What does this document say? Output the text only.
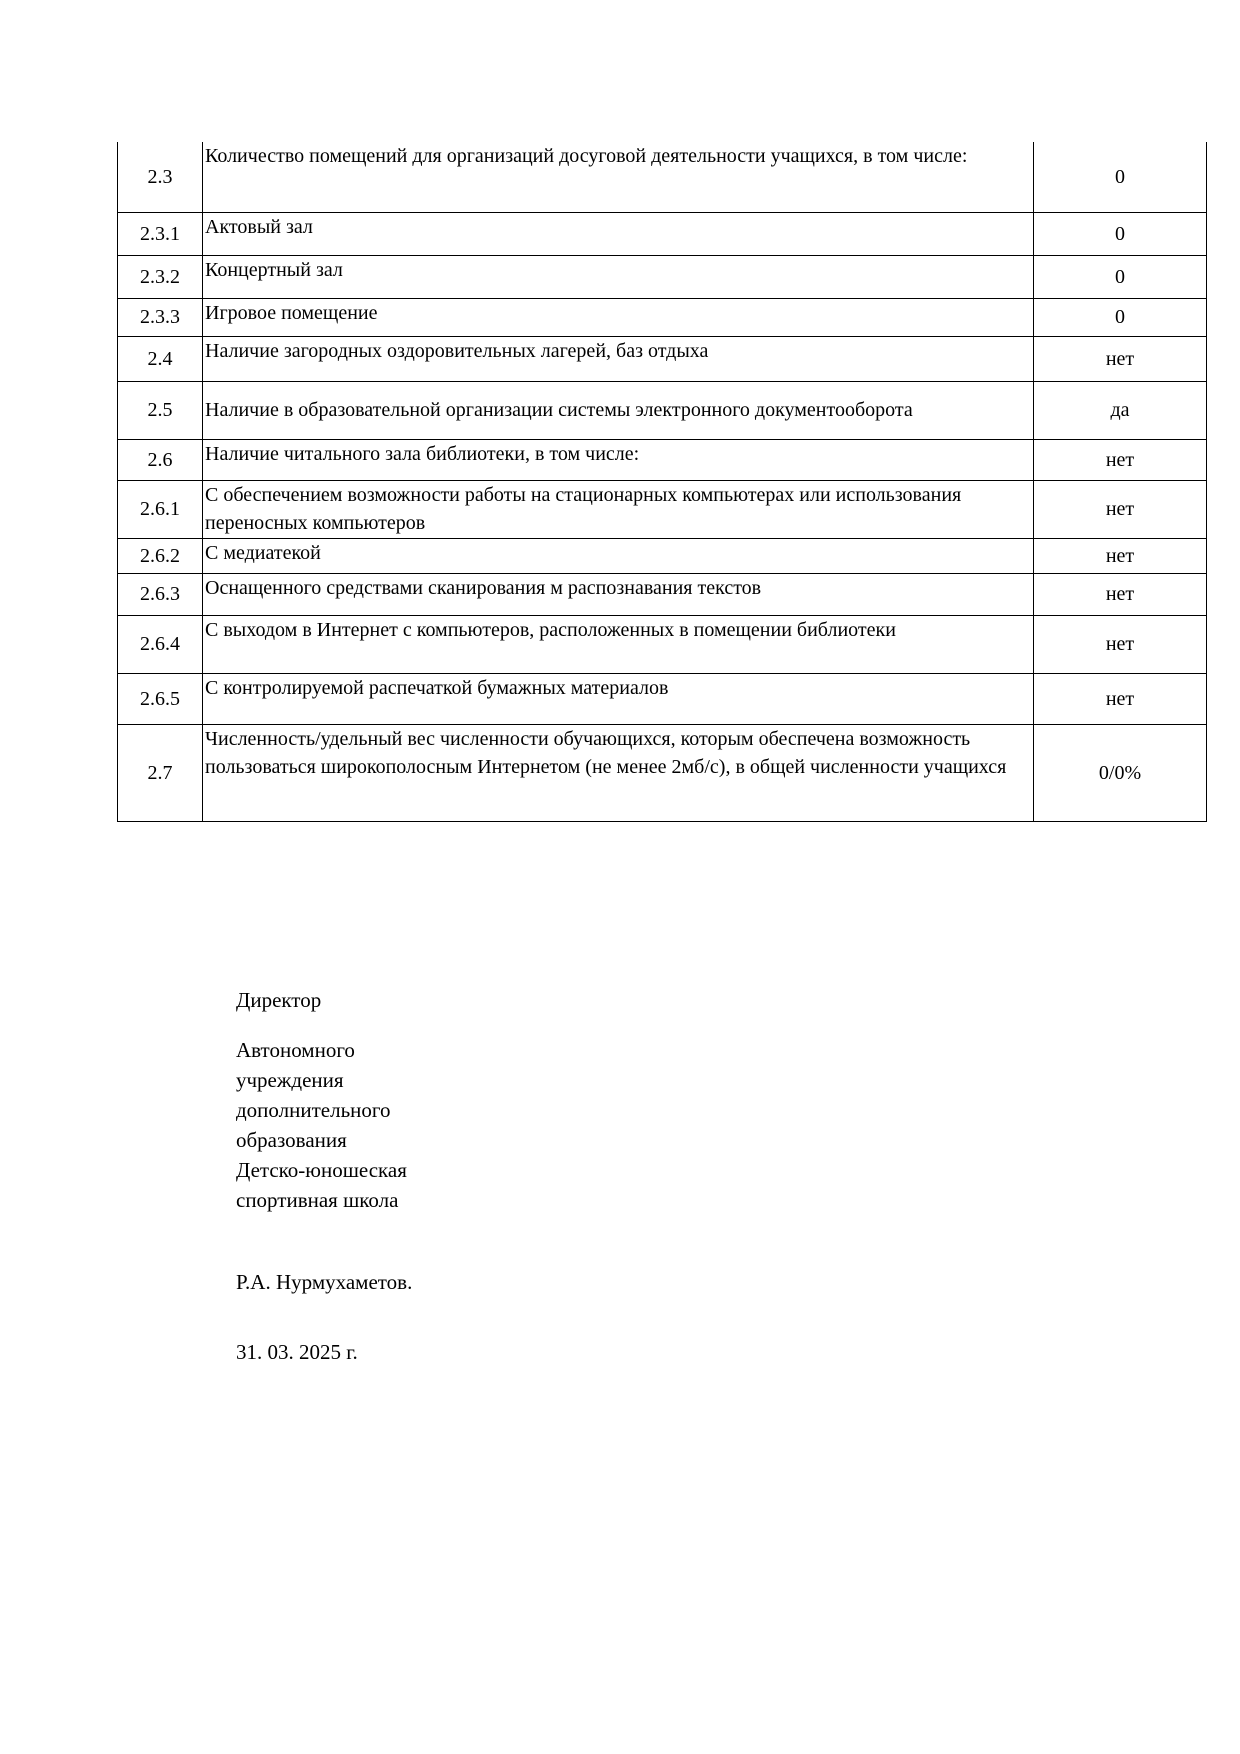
2.3	Количество помещений для организаций досуговой деятельности учащихся, в том числе:	0
2.3.1	Актовый зал	0
2.3.2	Концертный зал	0
2.3.3	Игровое помещение	0
2.4	Наличие загородных оздоровительных лагерей, баз отдыха	нет
2.5	Наличие в образовательной организации системы электронного документооборота	да
2.6	Наличие читального зала библиотеки, в том числе:	нет
2.6.1	С обеспечением возможности работы на стационарных компьютерах или использования переносных компьютеров	нет
2.6.2	С медиатекой	нет
2.6.3	Оснащенного средствами сканирования м распознавания текстов	нет
2.6.4	С выходом в Интернет с компьютеров, расположенных в помещении библиотеки	нет
2.6.5	С контролируемой распечаткой бумажных материалов	нет
2.7	Численность/удельный вес численности обучающихся, которым обеспечена возможность пользоваться широкополосным Интернетом (не менее 2мб/с), в общей численности учащихся	0/0%
Директор
Автономного
учреждения
дополнительного
образования
Детско-юношеская
спортивная школа
Р.А. Нурмухаметов.
31. 03. 2025 г.
